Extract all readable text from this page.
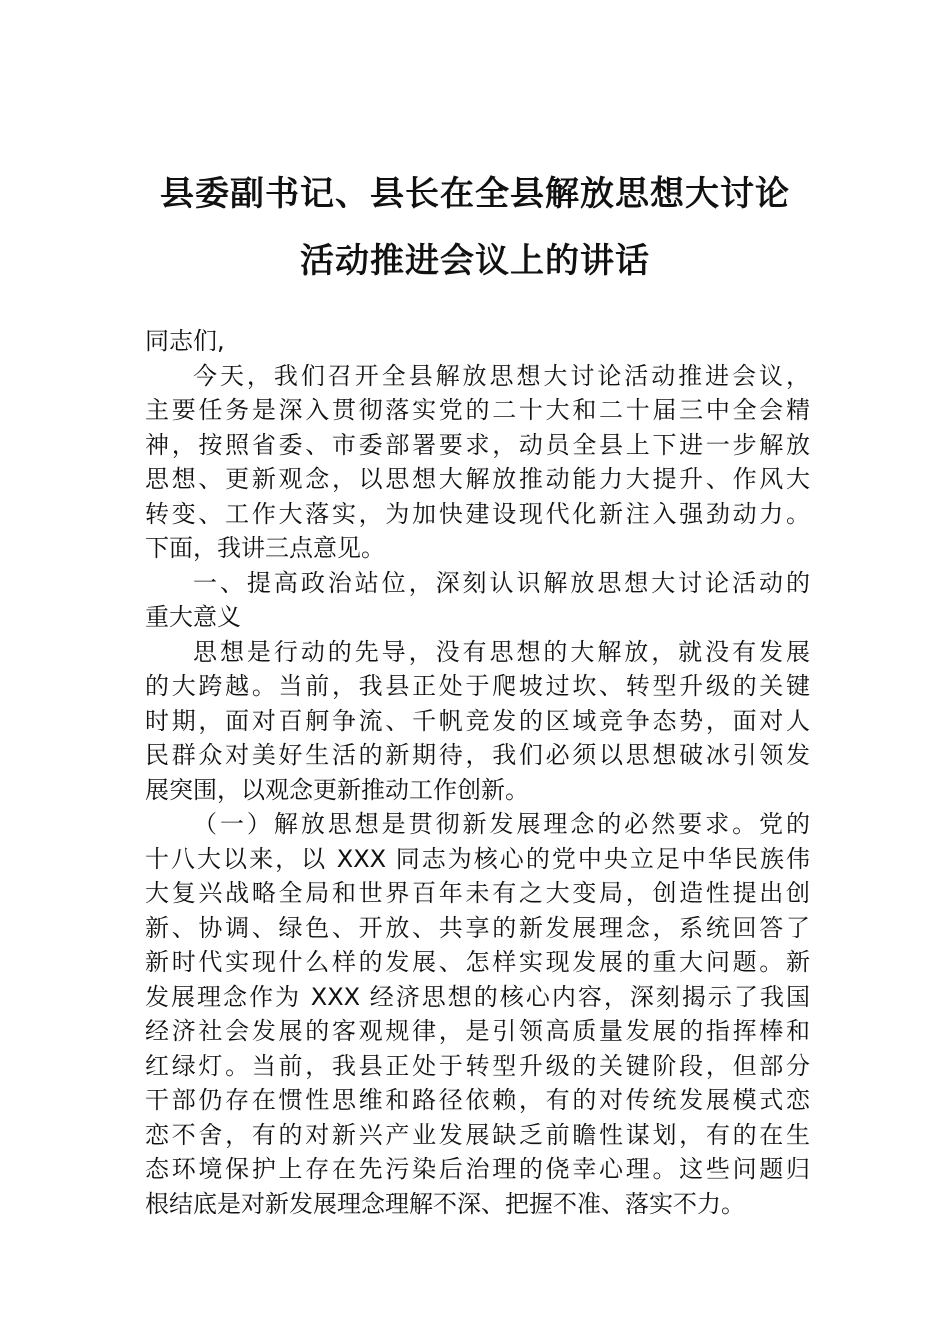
县委副书记、县长在全县解放思想大讨论
活动推进会议上的讲话
同志们,
今天，我们召开全县解放思想大讨论活动推进会议，
主要任务是深入贯彻落实党的二十大和二十届三中全会精
神，按照省委、市委部署要求，动员全县上下进一步解放
思想、更新观念，以思想大解放推动能力大提升、作风大
转变、工作大落实，为加快建设现代化新注入强劲动力。
下面，我讲三点意见。
一、提高政治站位，深刻认识解放思想大讨论活动的
重大意义
思想是行动的先导，没有思想的大解放，就没有发展
的大跨越。当前，我县正处于爬坡过坎、转型升级的关键
时期，面对百舸争流、千帆竞发的区域竞争态势，面对人
民群众对美好生活的新期待，我们必须以思想破冰引领发
展突围，以观念更新推动工作创新。
（一）解放思想是贯彻新发展理念的必然要求。党的
十八大以来，以 XXX 同志为核心的党中央立足中华民族伟
大复兴战略全局和世界百年未有之大变局，创造性提出创
新、协调、绿色、开放、共享的新发展理念，系统回答了
新时代实现什么样的发展、怎样实现发展的重大问题。新
发展理念作为 XXX 经济思想的核心内容，深刻揭示了我国
经济社会发展的客观规律，是引领高质量发展的指挥棒和
红绿灯。当前，我县正处于转型升级的关键阶段，但部分
干部仍存在惯性思维和路径依赖，有的对传统发展模式恋
恋不舍，有的对新兴产业发展缺乏前瞻性谋划，有的在生
态环境保护上存在先污染后治理的侥幸心理。这些问题归
根结底是对新发展理念理解不深、把握不准、落实不力。
